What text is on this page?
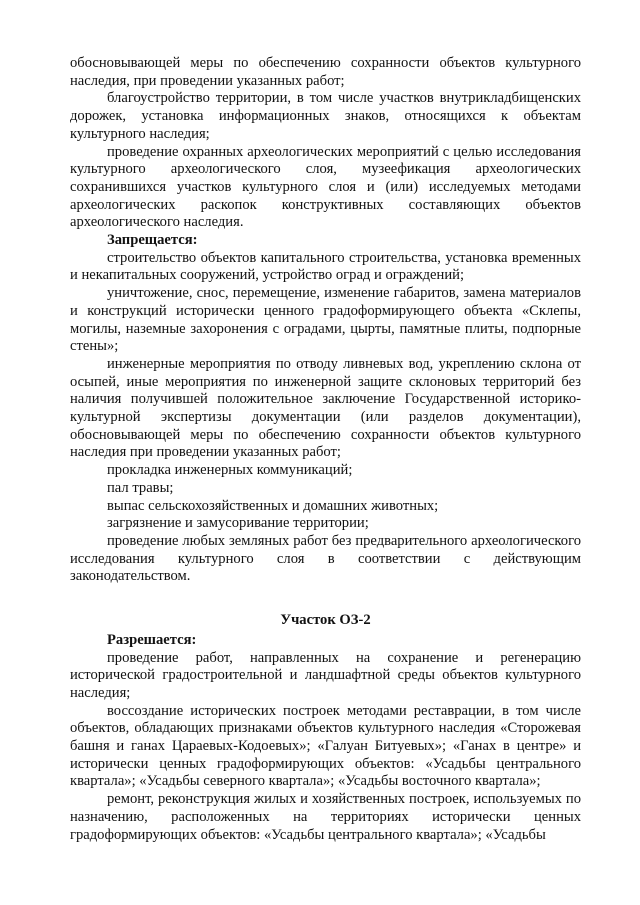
обосновывающей меры по обеспечению сохранности объектов культурного наследия, при проведении указанных работ;

благоустройство территории, в том числе участков внутрикладбищенских дорожек, установка информационных знаков, относящихся к объектам культурного наследия;

проведение охранных археологических мероприятий с целью исследования культурного археологического слоя, музеефикация археологических сохранившихся участков культурного слоя и (или) исследуемых методами археологических раскопок конструктивных составляющих объектов археологического наследия.

Запрещается:

строительство объектов капитального строительства, установка временных и некапитальных сооружений, устройство оград и ограждений;

уничтожение, снос, перемещение, изменение габаритов, замена материалов и конструкций исторически ценного градоформирующего объекта «Склепы, могилы, наземные захоронения с оградами, цырты, памятные плиты, подпорные стены»;

инженерные мероприятия по отводу ливневых вод, укреплению склона от осыпей, иные мероприятия по инженерной защите склоновых территорий без наличия получившей положительное заключение Государственной историко-культурной экспертизы документации (или разделов документации), обосновывающей меры по обеспечению сохранности объектов культурного наследия при проведении указанных работ;

прокладка инженерных коммуникаций;

пал травы;

выпас сельскохозяйственных и домашних животных;

загрязнение и замусоривание территории;

проведение любых земляных работ без предварительного археологического исследования культурного слоя в соответствии с действующим законодательством.

Участок ОЗ-2
Разрешается:

проведение работ, направленных на сохранение и регенерацию исторической градостроительной и ландшафтной среды объектов культурного наследия;

воссоздание исторических построек методами реставрации, в том числе объектов, обладающих признаками объектов культурного наследия «Сторожевая башня и ганах Цараевых-Кодоевых»; «Галуан Битуевых»; «Ганах в центре» и исторически ценных градоформирующих объектов: «Усадьбы центрального квартала»; «Усадьбы северного квартала»; «Усадьбы восточного квартала»;

ремонт, реконструкция жилых и хозяйственных построек, используемых по назначению, расположенных на территориях исторически ценных градоформирующих объектов: «Усадьбы центрального квартала»; «Усадьбы
